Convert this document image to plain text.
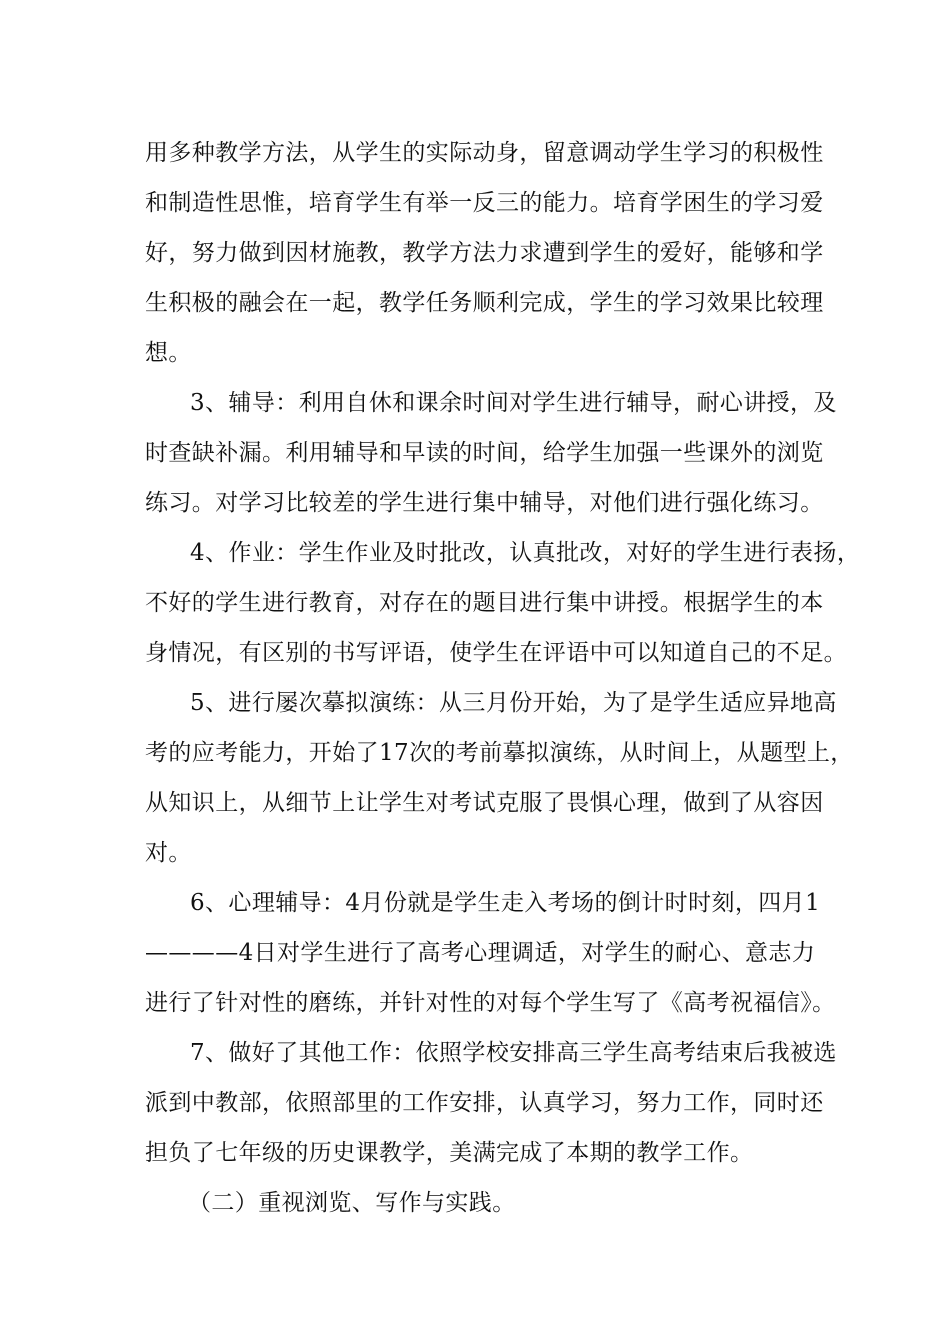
用多种教学方法，从学生的实际动身，留意调动学生学习的积极性

和制造性思惟，培育学生有举一反三的能力。培育学困生的学习爱

好，努力做到因材施教，教学方法力求遭到学生的爱好，能够和学

生积极的融会在一起，教学任务顺利完成，学生的学习效果比较理

想。

3、辅导：利用自休和课余时间对学生进行辅导，耐心讲授，及

时查缺补漏。利用辅导和早读的时间，给学生加强一些课外的浏览

练习。对学习比较差的学生进行集中辅导，对他们进行强化练习。

4、作业：学生作业及时批改，认真批改，对好的学生进行表扬，

不好的学生进行教育，对存在的题目进行集中讲授。根据学生的本

身情况，有区别的书写评语，使学生在评语中可以知道自己的不足。

5、进行屡次摹拟演练：从三月份开始，为了是学生适应异地高

考的应考能力，开始了17次的考前摹拟演练，从时间上，从题型上，

从知识上，从细节上让学生对考试克服了畏惧心理，做到了从容因

对。

6、心理辅导：4月份就是学生走入考场的倒计时时刻，四月1

————4日对学生进行了高考心理调适，对学生的耐心、意志力

进行了针对性的磨练，并针对性的对每个学生写了《高考祝福信》。

7、做好了其他工作：依照学校安排高三学生高考结束后我被选

派到中教部，依照部里的工作安排，认真学习，努力工作，同时还

担负了七年级的历史课教学，美满完成了本期的教学工作。

（二）重视浏览、写作与实践。
